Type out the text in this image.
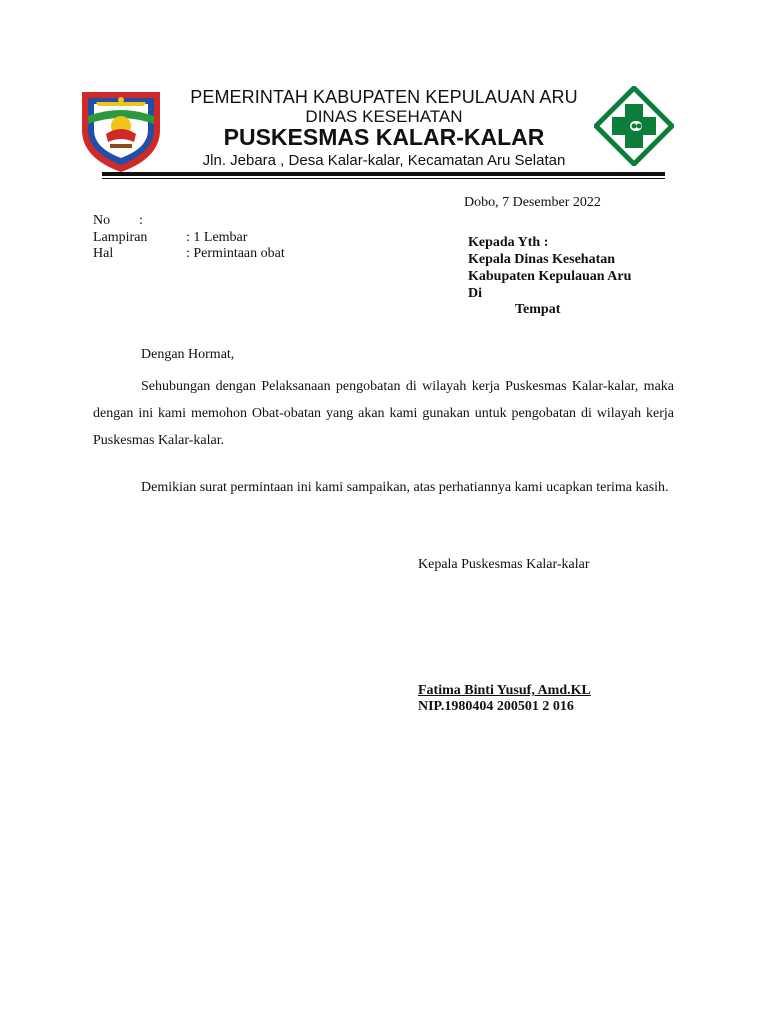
PEMERINTAH KABUPATEN KEPULAUAN ARU
DINAS KESEHATAN
PUSKESMAS KALAR-KALAR
Jln. Jebara , Desa Kalar-kalar, Kecamatan Aru Selatan
Dobo, 7 Desember 2022
No :
Lampiran	: 1 Lembar
Hal	: Permintaan obat
Kepada Yth :
Kepala Dinas Kesehatan
Kabupaten Kepulauan Aru
Di
Tempat
Dengan Hormat,
Sehubungan dengan Pelaksanaan pengobatan di wilayah kerja Puskesmas Kalar-kalar, maka dengan ini kami memohon Obat-obatan yang akan kami gunakan untuk pengobatan di wilayah kerja Puskesmas Kalar-kalar.
Demikian surat permintaan ini kami sampaikan, atas perhatiannya kami ucapkan terima kasih.
Kepala Puskesmas Kalar-kalar
Fatima Binti Yusuf, Amd.KL
NIP.1980404 200501 2 016
